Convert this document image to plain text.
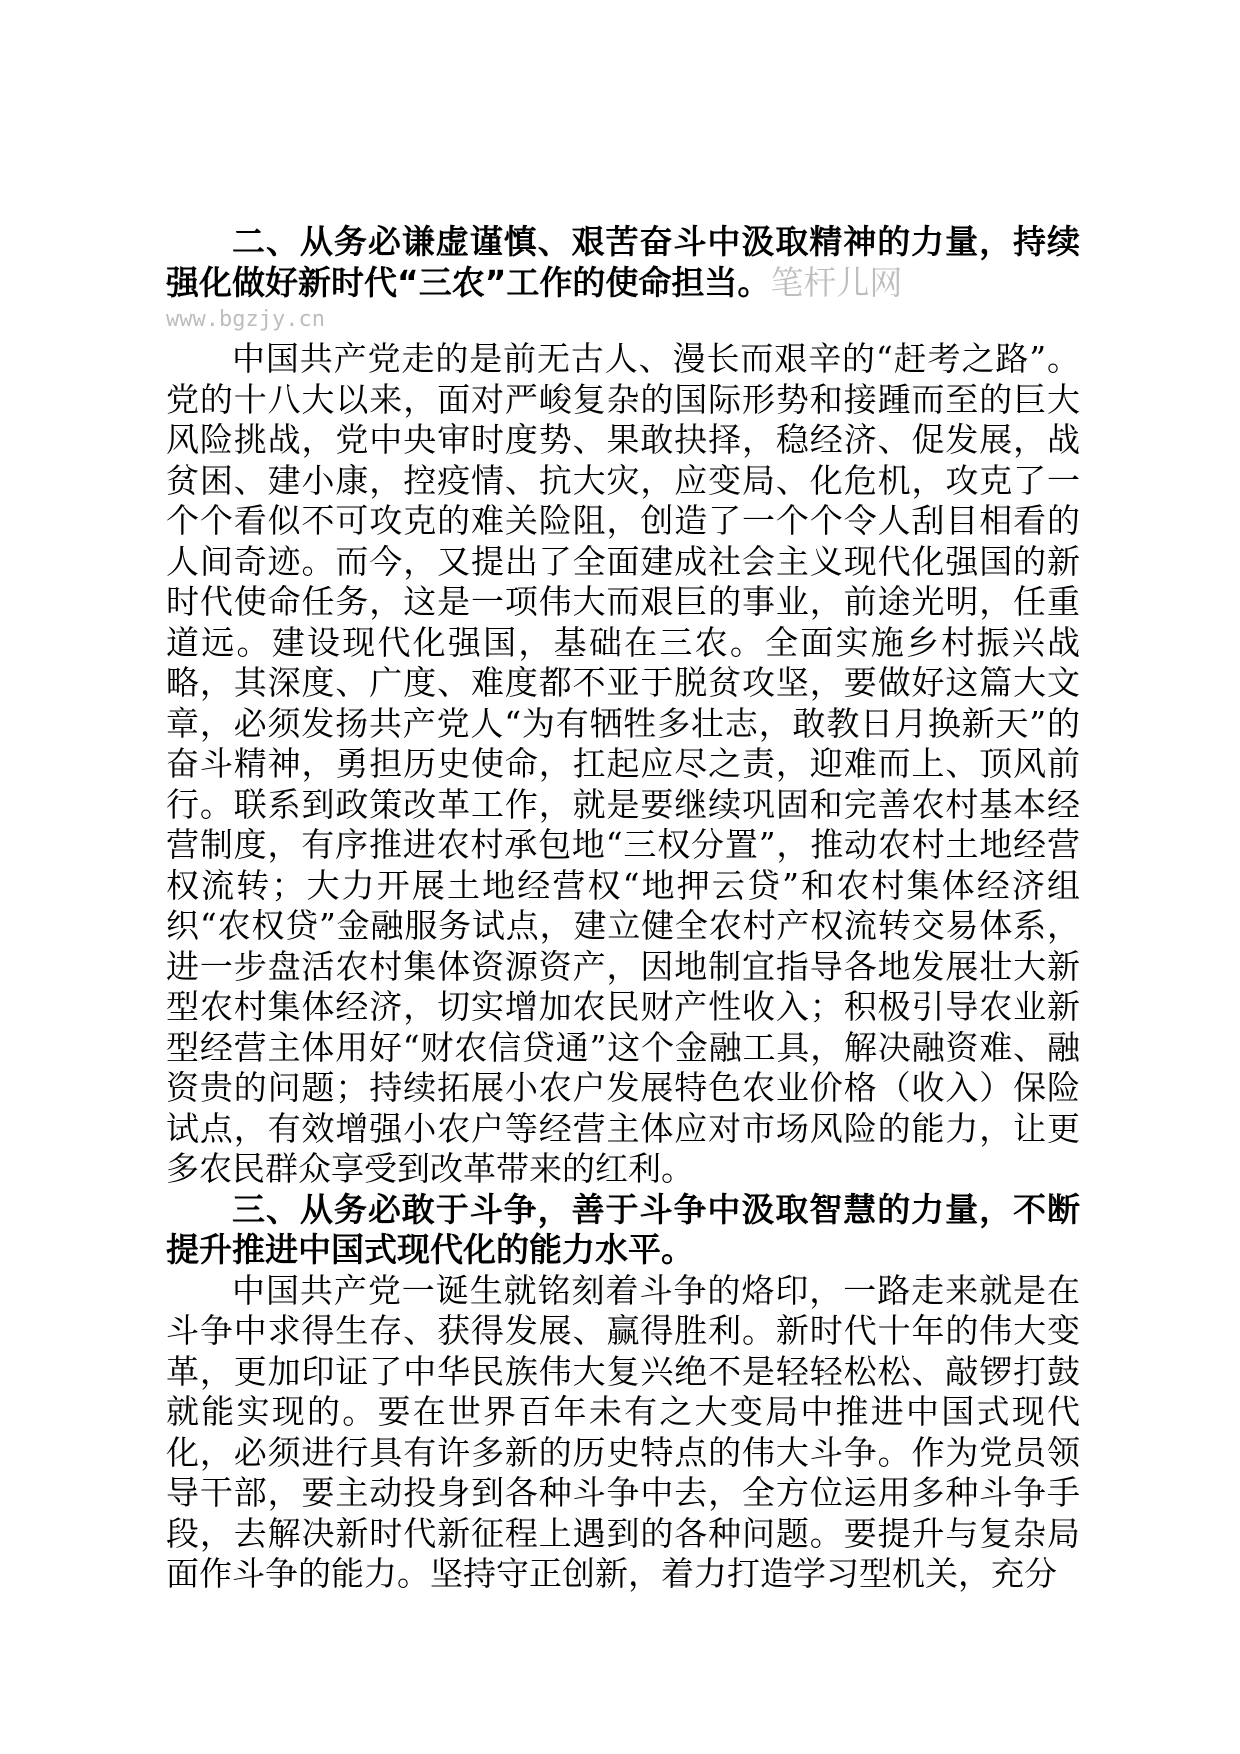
二、从务必谦虚谨慎、艰苦奋斗中汲取精神的力量，持续强化做好新时代“三农”工作的使命担当。笔杆儿网

www.bgzjy.cn

中国共产党走的是前无古人、漫长而艰辛的“赶考之路”。党的十八大以来，面对严峻复杂的国际形势和接踵而至的巨大风险挑战，党中央审时度势、果敢抉择，稳经济、促发展，战贫困、建小康，控疫情、抗大灾，应变局、化危机，攻克了一个个看似不可攻克的难关险阻，创造了一个个令人刮目相看的人间奇迹。而今，又提出了全面建成社会主义现代化强国的新时代使命任务，这是一项伟大而艰巨的事业，前途光明，任重道远。建设现代化强国，基础在三农。全面实施乡村振兴战略，其深度、广度、难度都不亚于脱贫攻坚，要做好这篇大文章，必须发扬共产党人“为有牺牲多壮志，敢教日月换新天”的奋斗精神，勇担历史使命，扛起应尽之责，迎难而上、顶风前行。联系到政策改革工作，就是要继续巩固和完善农村基本经营制度，有序推进农村承包地“三权分置”，推动农村土地经营权流转；大力开展土地经营权“地押云贷”和农村集体经济组织“农权贷”金融服务试点，建立健全农村产权流转交易体系，进一步盘活农村集体资源资产，因地制宜指导各地发展壮大新型农村集体经济，切实增加农民财产性收入；积极引导农业新型经营主体用好“财农信贷通”这个金融工具，解决融资难、融资贵的问题；持续拓展小农户发展特色农业价格（收入）保险试点，有效增强小农户等经营主体应对市场风险的能力，让更多农民群众享受到改革带来的红利。

三、从务必敢于斗争，善于斗争中汲取智慧的力量，不断提升推进中国式现代化的能力水平。

中国共产党一诞生就铭刻着斗争的烙印，一路走来就是在斗争中求得生存、获得发展、赢得胜利。新时代十年的伟大变革，更加印证了中华民族伟大复兴绝不是轻轻松松、敲锣打鼓就能实现的。要在世界百年未有之大变局中推进中国式现代化，必须进行具有许多新的历史特点的伟大斗争。作为党员领导干部，要主动投身到各种斗争中去，全方位运用多种斗争手段，去解决新时代新征程上遇到的各种问题。要提升与复杂局面作斗争的能力。坚持守正创新，着力打造学习型机关，充分
